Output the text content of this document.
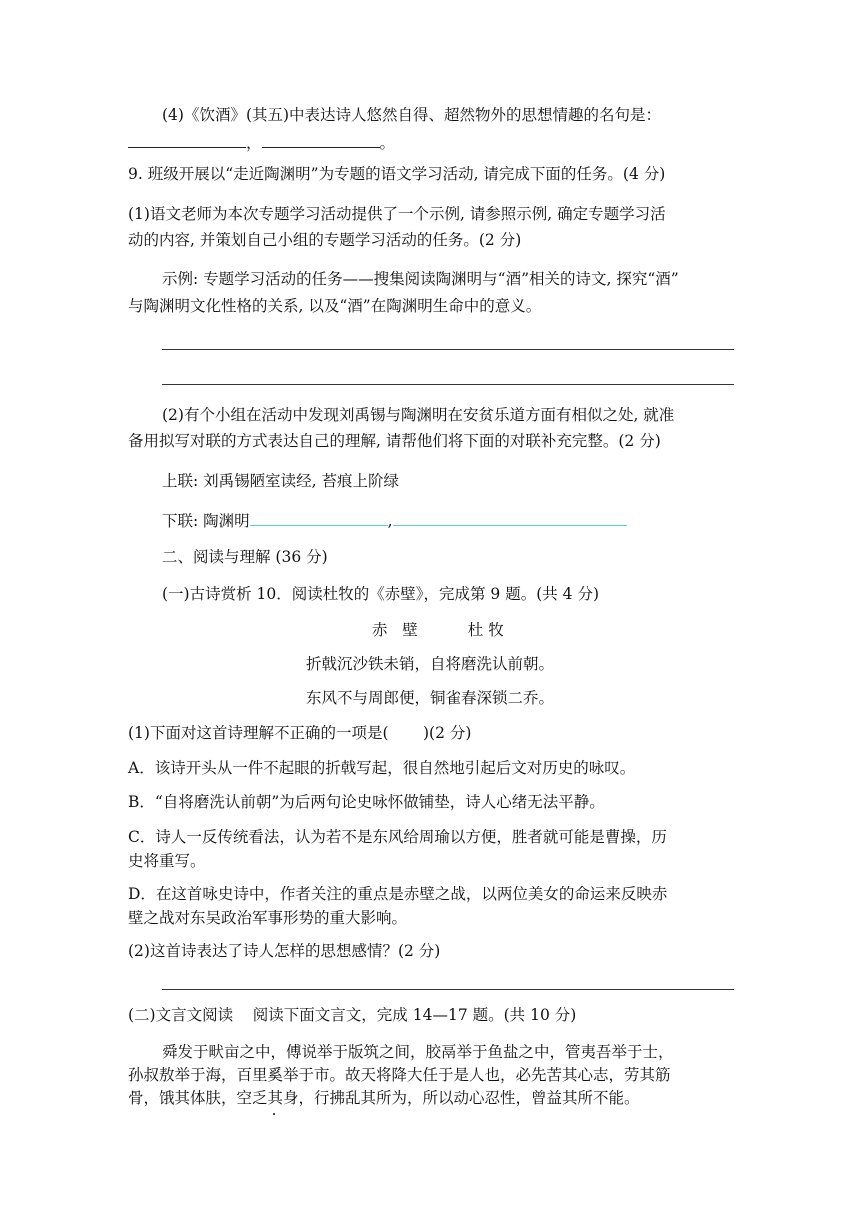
(4)《饮酒》(其五)中表达诗人悠然自得、超然物外的思想情趣的名句是：
，	。
9. 班级开展以“走近陶渊明”为专题的语文学习活动, 请完成下面的任务。(4 分)
(1)语文老师为本次专题学习活动提供了一个示例, 请参照示例, 确定专题学习活
动的内容, 并策划自己小组的专题学习活动的任务。(2 分)
示例: 专题学习活动的任务——搜集阅读陶渊明与“酒”相关的诗文, 探究“酒”
与陶渊明文化性格的关系, 以及“酒”在陶渊明生命中的意义。
(2)有个小组在活动中发现刘禹锡与陶渊明在安贫乐道方面有相似之处, 就准
备用拟写对联的方式表达自己的理解, 请帮他们将下面的对联补充完整。(2 分)
上联: 刘禹锡陋室读经, 苔痕上阶绿
下联: 陶渊明	,
二、阅读与理解 (36 分)
(一)古诗赏析 10．阅读杜牧的《赤壁》，完成第 9 题。(共 4 分)
赤   壁	杜 牧
折戟沉沙铁未销，自将磨洗认前朝。
东风不与周郎便，铜雀春深锁二乔。
(1)下面对这首诗理解不正确的一项是(       )(2 分)
A．该诗开头从一件不起眼的折戟写起，很自然地引起后文对历史的咏叹。
B．“自将磨洗认前朝”为后两句论史咏怀做铺垫，诗人心绪无法平静。
C．诗人一反传统看法，认为若不是东风给周瑜以方便，胜者就可能是曹操，历
史将重写。
D．在这首咏史诗中，作者关注的重点是赤壁之战，以两位美女的命运来反映赤
壁之战对东吴政治军事形势的重大影响。
(2)这首诗表达了诗人怎样的思想感情？(2 分)
(二)文言文阅读    阅读下面文言文，完成 14—17 题。(共 10 分)
舜发于畎亩之中，傅说举于版筑之间，胶鬲举于鱼盐之中，管夷吾举于士，
孙叔敖举于海，百里奚举于市。故天将降大任于是人也，必先苦其心志，劳其筋
骨，饿其体肤，空乏其身，行拂乱其所为，所以动心忍性，曾益其所不能。
